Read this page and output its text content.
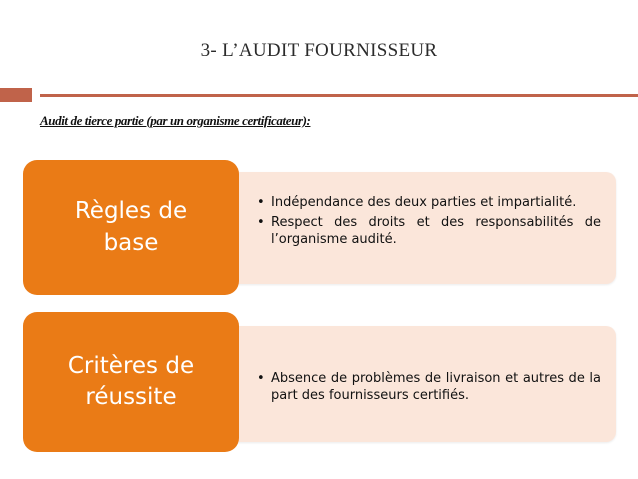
3- L’AUDIT FOURNISSEUR
Audit de tierce partie (par un organisme certificateur):
Règles de base
• Indépendance des deux parties et impartialité.
• Respect des droits et des responsabilités de l’organisme audité.
Critères de réussite
• Absence de problèmes de livraison et autres de la part des fournisseurs certifiés.
